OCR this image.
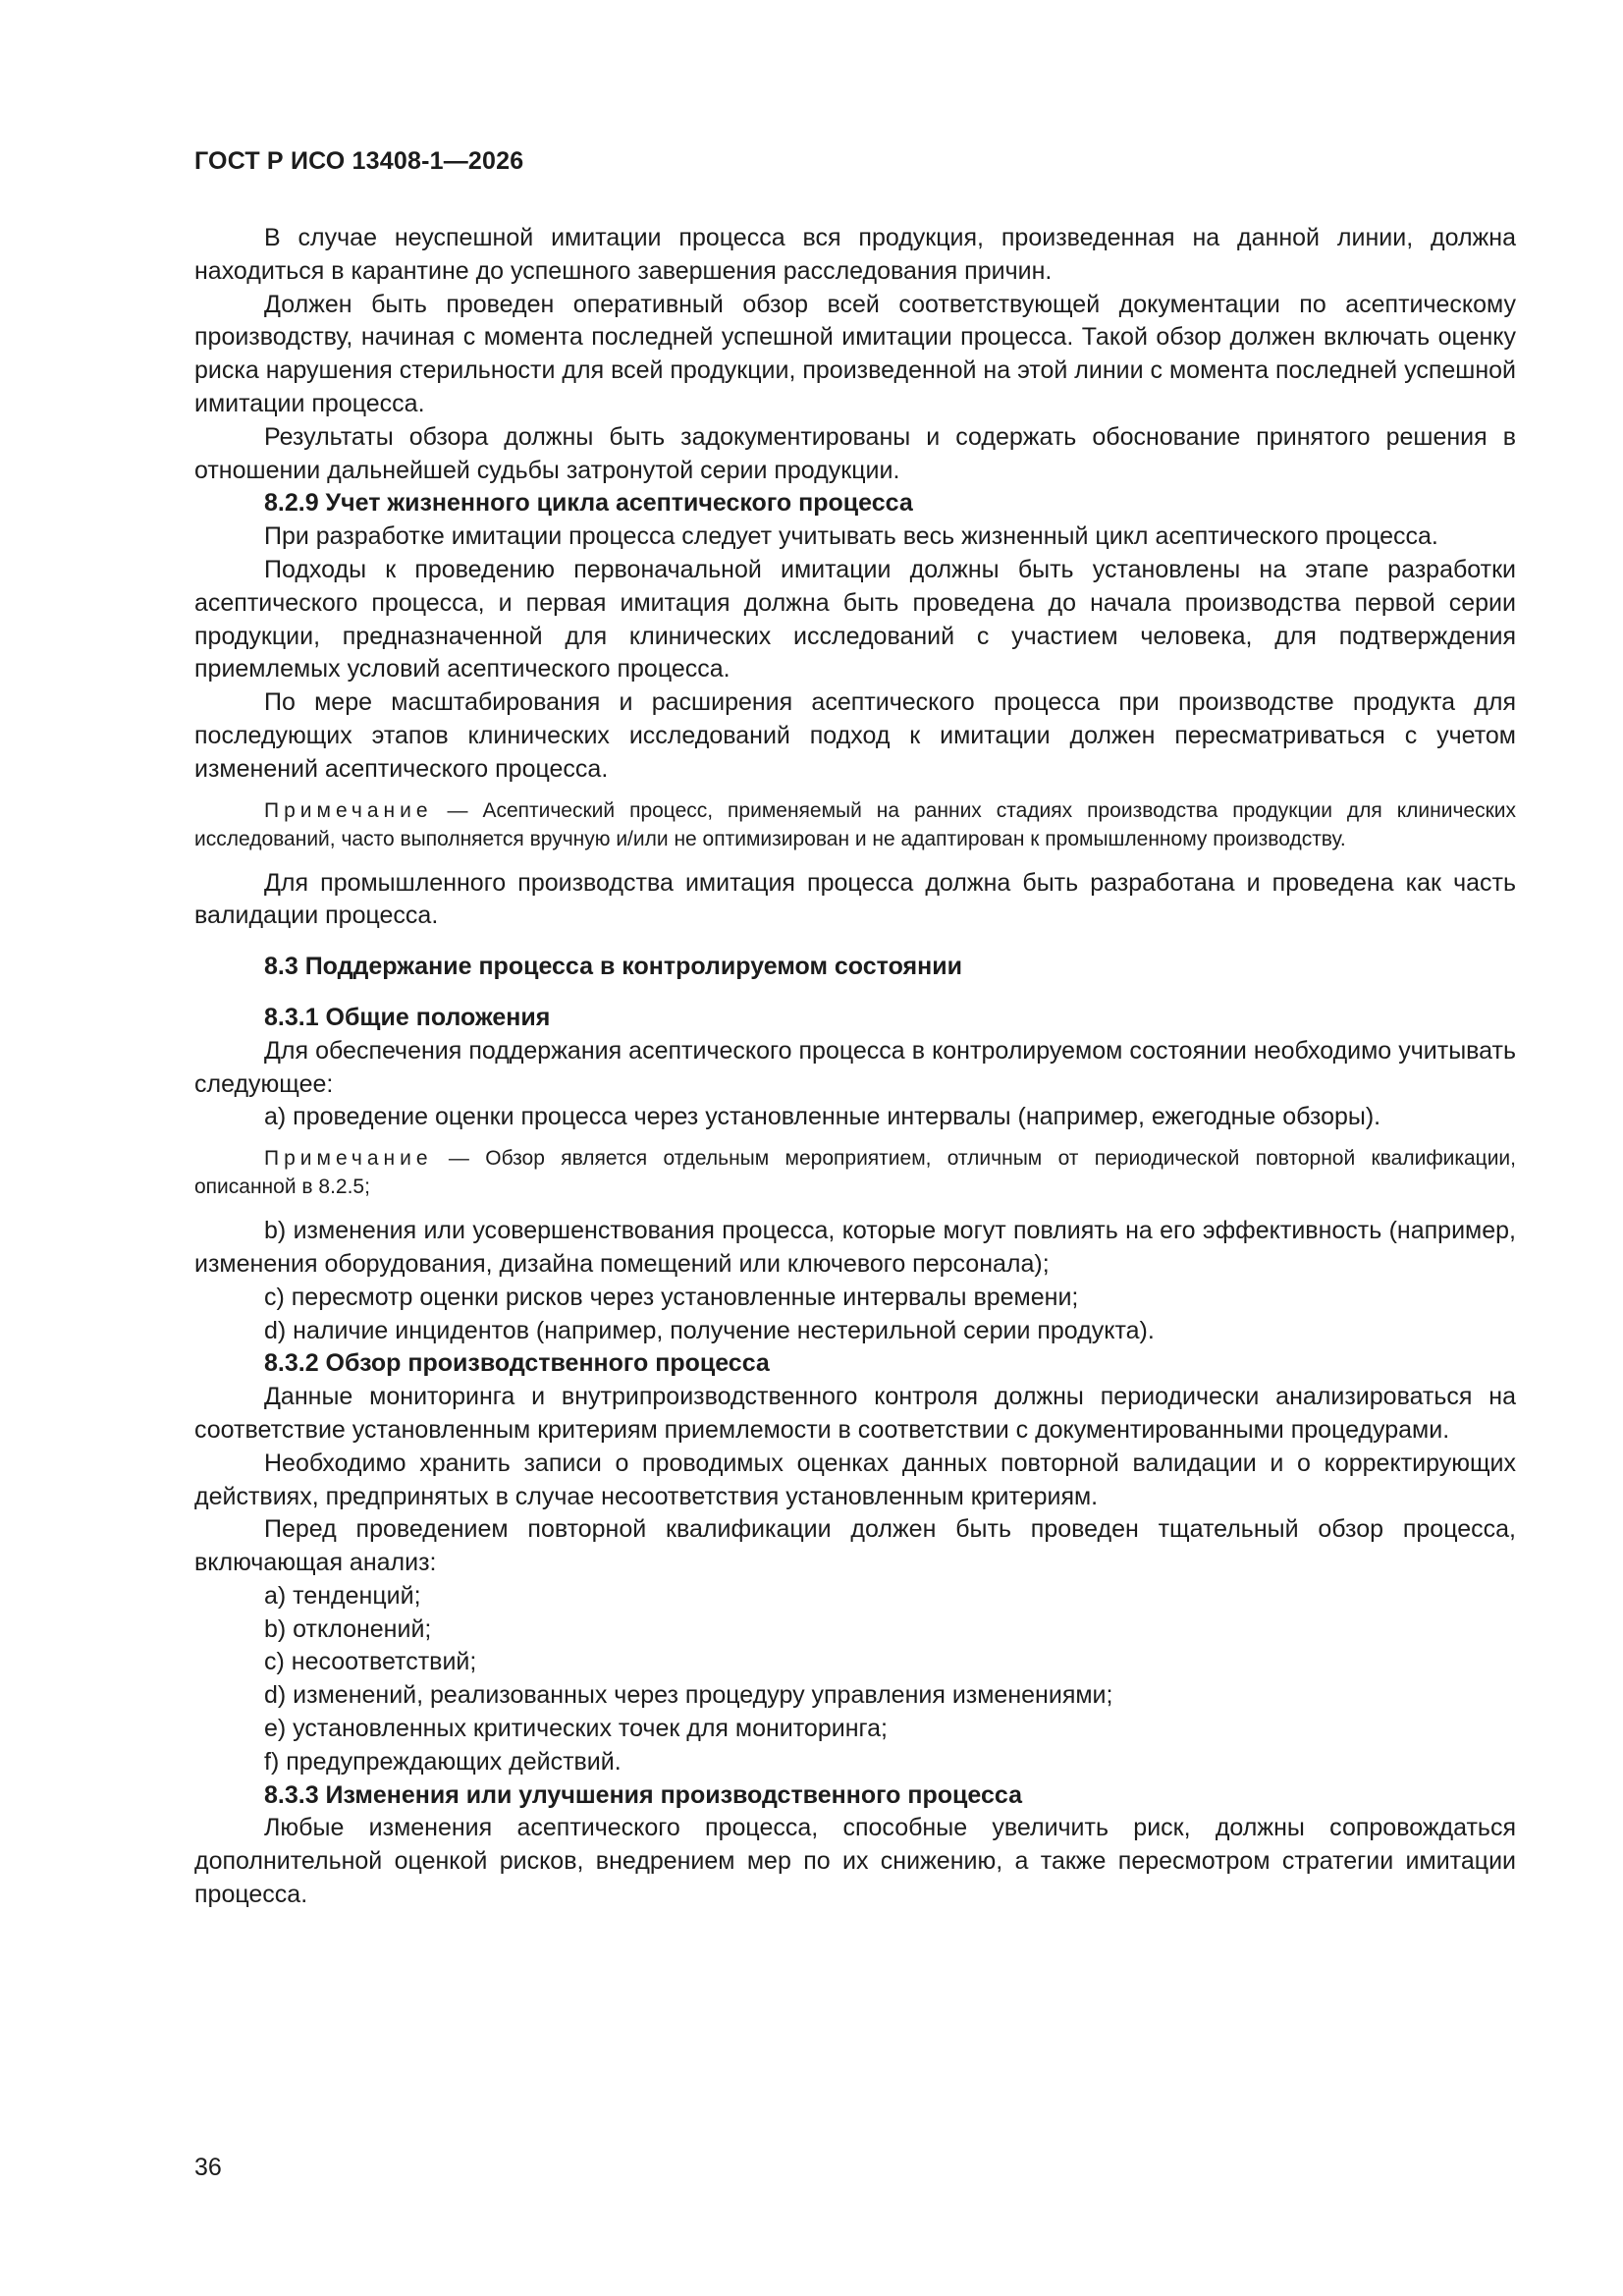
ГОСТ Р ИСО 13408-1—2026

В случае неуспешной имитации процесса вся продукция, произведенная на данной линии, должна находиться в карантине до успешного завершения расследования причин.

Должен быть проведен оперативный обзор всей соответствующей документации по асептическому производству, начиная с момента последней успешной имитации процесса. Такой обзор должен включать оценку риска нарушения стерильности для всей продукции, произведенной на этой линии с момента последней успешной имитации процесса.

Результаты обзора должны быть задокументированы и содержать обоснование принятого решения в отношении дальнейшей судьбы затронутой серии продукции.

8.2.9 Учет жизненного цикла асептического процесса

При разработке имитации процесса следует учитывать весь жизненный цикл асептического процесса.

Подходы к проведению первоначальной имитации должны быть установлены на этапе разработки асептического процесса, и первая имитация должна быть проведена до начала производства первой серии продукции, предназначенной для клинических исследований с участием человека, для подтверждения приемлемых условий асептического процесса.

По мере масштабирования и расширения асептического процесса при производстве продукта для последующих этапов клинических исследований подход к имитации должен пересматриваться с учетом изменений асептического процесса.

Примечание — Асептический процесс, применяемый на ранних стадиях производства продукции для клинических исследований, часто выполняется вручную и/или не оптимизирован и не адаптирован к промышленному производству.

Для промышленного производства имитация процесса должна быть разработана и проведена как часть валидации процесса.

8.3 Поддержание процесса в контролируемом состоянии

8.3.1 Общие положения

Для обеспечения поддержания асептического процесса в контролируемом состоянии необходимо учитывать следующее:

a) проведение оценки процесса через установленные интервалы (например, ежегодные обзоры).

Примечание — Обзор является отдельным мероприятием, отличным от периодической повторной квалификации, описанной в 8.2.5;

b) изменения или усовершенствования процесса, которые могут повлиять на его эффективность (например, изменения оборудования, дизайна помещений или ключевого персонала);

c) пересмотр оценки рисков через установленные интервалы времени;

d) наличие инцидентов (например, получение нестерильной серии продукта).

8.3.2 Обзор производственного процесса

Данные мониторинга и внутрипроизводственного контроля должны периодически анализироваться на соответствие установленным критериям приемлемости в соответствии с документированными процедурами.

Необходимо хранить записи о проводимых оценках данных повторной валидации и о корректирующих действиях, предпринятых в случае несоответствия установленным критериям.

Перед проведением повторной квалификации должен быть проведен тщательный обзор процесса, включающая анализ:

a) тенденций;

b) отклонений;

c) несоответствий;

d) изменений, реализованных через процедуру управления изменениями;

e) установленных критических точек для мониторинга;

f) предупреждающих действий.

8.3.3 Изменения или улучшения производственного процесса

Любые изменения асептического процесса, способные увеличить риск, должны сопровождаться дополнительной оценкой рисков, внедрением мер по их снижению, а также пересмотром стратегии имитации процесса.

36
